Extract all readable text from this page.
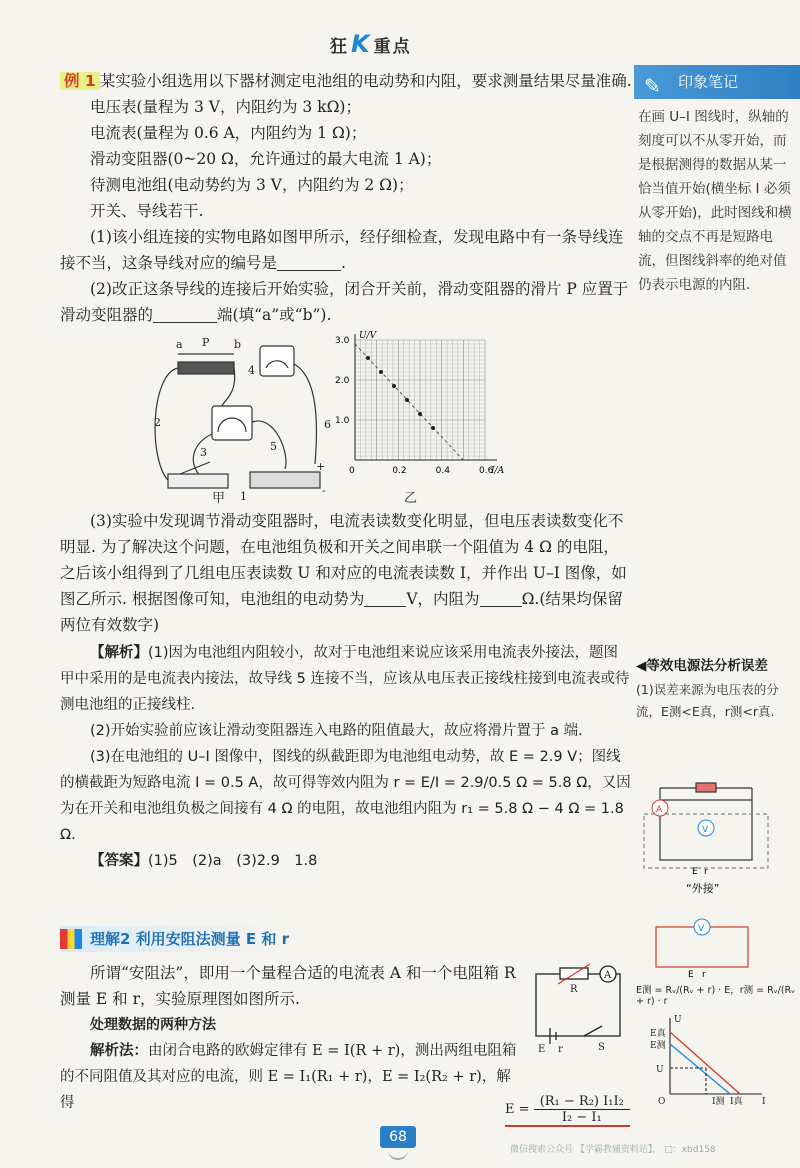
狂K 重点

例 1 某实验小组选用以下器材测定电池组的电动势和内阻，要求测量结果尽量准确.

电压表(量程为 3 V，内阻约为 3 kΩ)；

电流表(量程为 0.6 A，内阻约为 1 Ω)；

滑动变阻器(0~20 Ω，允许通过的最大电流 1 A)；

待测电池组(电动势约为 3 V，内阻约为 2 Ω)；

开关、导线若干.

(1)该小组连接的实物电路如图甲所示，经仔细检查，发现电路中有一条导线连接不当，这条导线对应的编号是	.

(2)改正这条导线的连接后开始实验，闭合开关前，滑动变阻器的滑片 P 应置于滑动变阻器的	端(填“a”或“b”).

a P b
4
1
2
3	5
6
+
-
甲
0	0.2	0.4	0.6
1.0
2.0
3.0
I/A
U/V
乙

(3)实验中发现调节滑动变阻器时，电流表读数变化明显，但电压表读数变化不明显. 为了解决这个问题，在电池组负极和开关之间串联一个阻值为 4 Ω 的电阻，之后该小组得到了几组电压表读数 U 和对应的电流表读数 I，并作出 U–I 图像，如图乙所示. 根据图像可知，电池组的电动势为	V，内阻为	Ω.(结果均保留两位有效数字)

【解析】(1)因为电池组内阻较小，故对于电池组来说应该采用电流表外接法，题图甲中采用的是电流表内接法，故导线 5 连接不当，应该从电压表正接线柱接到电流表或待测电池组的正接线柱.

(2)开始实验前应该让滑动变阻器连入电路的阻值最大，故应将滑片置于 a 端.

(3)在电池组的 U–I 图像中，图线的纵截距即为电池组电动势，故 E = 2.9 V；图线的横截距为短路电流 I = 0.5 A，故可得等效内阻为 r = E/I = 2.9/0.5 Ω = 5.8 Ω，又因为在开关和电池组负极之间接有 4 Ω 的电阻，故电池组内阻为 r₁ = 5.8 Ω − 4 Ω = 1.8 Ω.

【答案】(1)5　(2)a　(3)2.9　1.8

理解2 利用安阻法测量 E 和 r

所谓“安阻法”，即用一个量程合适的电流表 A 和一个电阻箱 R 测量 E 和 r，实验原理图如图所示.

处理数据的两种方法

解析法：由闭合电路的欧姆定律有 E = I(R + r)，测出两组电阻箱的不同阻值及其对应的电流，则 E = I₁(R₁ + r)，E = I₂(R₂ + r)，解得	$E = \frac{\text{(R₁ − R₂) I₁I₂}}{\text{I₂ − I₁}}$
R
A
E r	S
✎ 印象笔记
在画 U–I 图线时，纵轴的刻度可以不从零开始，而是根据测得的数据从某一恰当值开始(横坐标 I 必须从零开始)，此时图线和横轴的交点不再是短路电流，但图线斜率的绝对值仍表示电源的内阻.
◀等效电源法分析误差
(1)误差来源为电压表的分流，E测<E真，r测<r真.
A
V
E r
“外接”
V
E r
E测 = Rᵥ/(Rᵥ + r) · E，r测 = Rᵥ/(Rᵥ + r) · r
U
E真
E测
U
O	I
I测 I真
68
微信搜索公众号 【学霸教辅资料站】， □：xbd158
